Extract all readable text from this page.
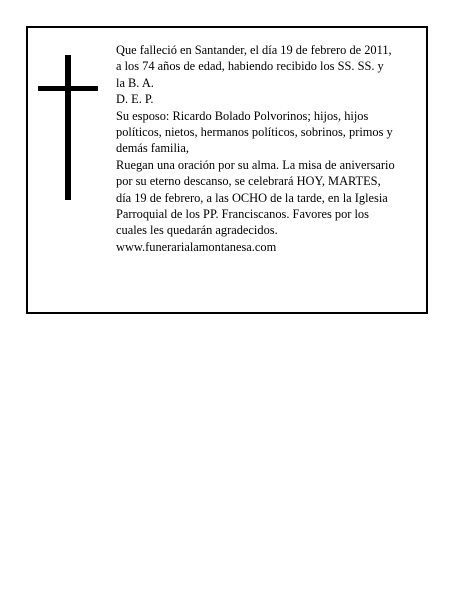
Que falleció en Santander, el día 19 de febrero de 2011,
a los 74 años de edad, habiendo recibido los SS. SS. y
la B. A.
D. E. P.
Su esposo: Ricardo Bolado Polvorinos; hijos, hijos
políticos, nietos, hermanos políticos, sobrinos, primos y
demás familia,
Ruegan una oración por su alma. La misa de aniversario
por su eterno descanso, se celebrará HOY, MARTES,
día 19 de febrero, a las OCHO de la tarde, en la Iglesia
Parroquial de los PP. Franciscanos. Favores por los
cuales les quedarán agradecidos.
www.funerarialamontanesa.com
